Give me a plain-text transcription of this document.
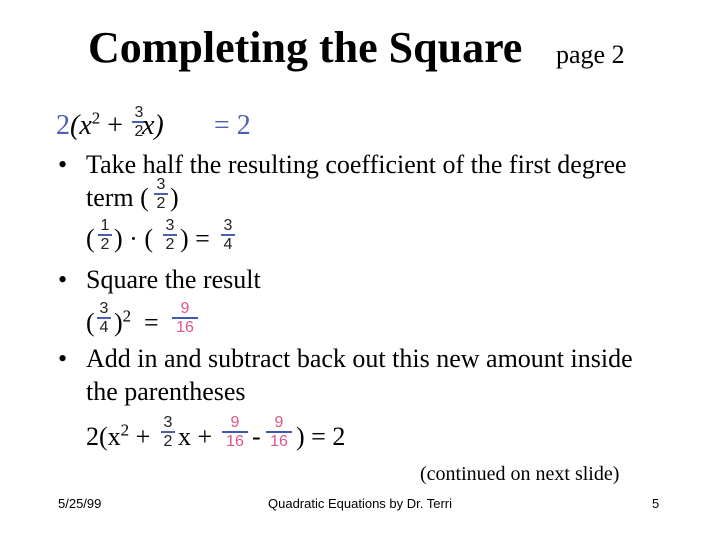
Completing the Square page 2
$2(x^2 + 3$
2
x) = 2
• Take half the resulting coefficient of the first degree
term ( 3
2 )
( 1
2 ) · ( 3
2 ) = 3
4
• Square the result
( 3
4 )$^2$ =	9
16
• Add in and subtract back out this new amount inside
the parentheses
$2(x^2 + 3$
2 x +	9
16 - 9
16 ) = 2
(continued on next slide)
5/25/99	Quadratic Equations by Dr. Terri	5
